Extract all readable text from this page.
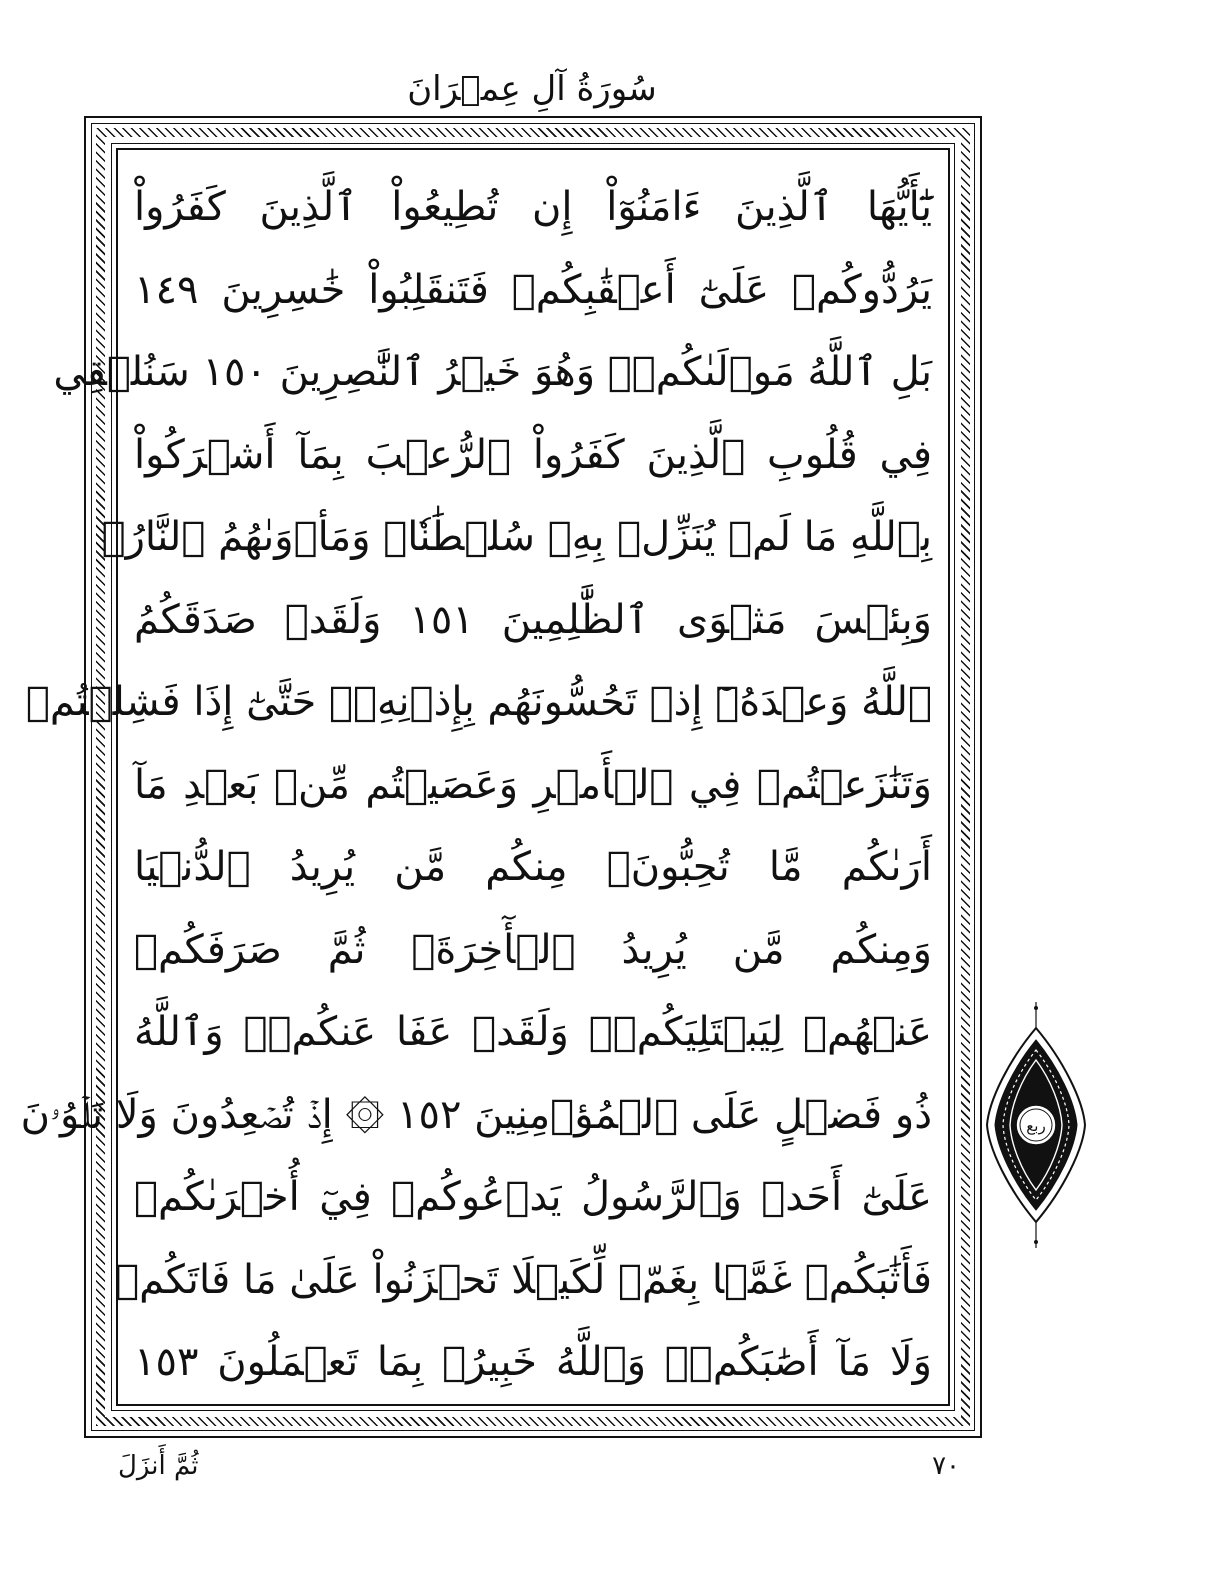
سُورَةُ آلِ عِمۡرَانَ
يَٰٓأَيُّهَا ٱلَّذِينَ ءَامَنُوٓاْ إِن تُطِيعُواْ ٱلَّذِينَ كَفَرُواْ
يَرُدُّوكُمۡ عَلَىٰٓ أَعۡقَٰبِكُمۡ فَتَنقَلِبُواْ خَٰسِرِينَ ١٤٩
بَلِ ٱللَّهُ مَوۡلَىٰكُمۡۖ وَهُوَ خَيۡرُ ٱلنَّٰصِرِينَ ١٥٠ سَنُلۡقِي
فِي قُلُوبِ ٱلَّذِينَ كَفَرُواْ ٱلرُّعۡبَ بِمَآ أَشۡرَكُواْ
بِٱللَّهِ مَا لَمۡ يُنَزِّلۡ بِهِۦ سُلۡطَٰنٗاۖ وَمَأۡوَىٰهُمُ ٱلنَّارُۖ
وَبِئۡسَ مَثۡوَى ٱلظَّٰلِمِينَ ١٥١ وَلَقَدۡ صَدَقَكُمُ
ٱللَّهُ وَعۡدَهُۥٓ إِذۡ تَحُسُّونَهُم بِإِذۡنِهِۦۖ حَتَّىٰٓ إِذَا فَشِلۡتُمۡ
وَتَنَٰزَعۡتُمۡ فِي ٱلۡأَمۡرِ وَعَصَيۡتُم مِّنۢ بَعۡدِ مَآ
أَرَىٰكُم مَّا تُحِبُّونَۚ مِنكُم مَّن يُرِيدُ ٱلدُّنۡيَا
وَمِنكُم مَّن يُرِيدُ ٱلۡأٓخِرَةَۚ ثُمَّ صَرَفَكُمۡ
عَنۡهُمۡ لِيَبۡتَلِيَكُمۡۖ وَلَقَدۡ عَفَا عَنكُمۡۗ وَٱللَّهُ
ذُو فَضۡلٍ عَلَى ٱلۡمُؤۡمِنِينَ ١٥٢ ۞ إِذۡ تُصۡعِدُونَ وَلَا تَلۡوُۥنَ
عَلَىٰٓ أَحَدٖ وَٱلرَّسُولُ يَدۡعُوكُمۡ فِيٓ أُخۡرَىٰكُمۡ
فَأَثَٰبَكُمۡ غَمَّۢا بِغَمّٖ لِّكَيۡلَا تَحۡزَنُواْ عَلَىٰ مَا فَاتَكُمۡ
وَلَا مَآ أَصَٰبَكُمۡۗ وَٱللَّهُ خَبِيرُۢ بِمَا تَعۡمَلُونَ ١٥٣
ربع
ثُمَّ أَنزَلَ	٧٠
